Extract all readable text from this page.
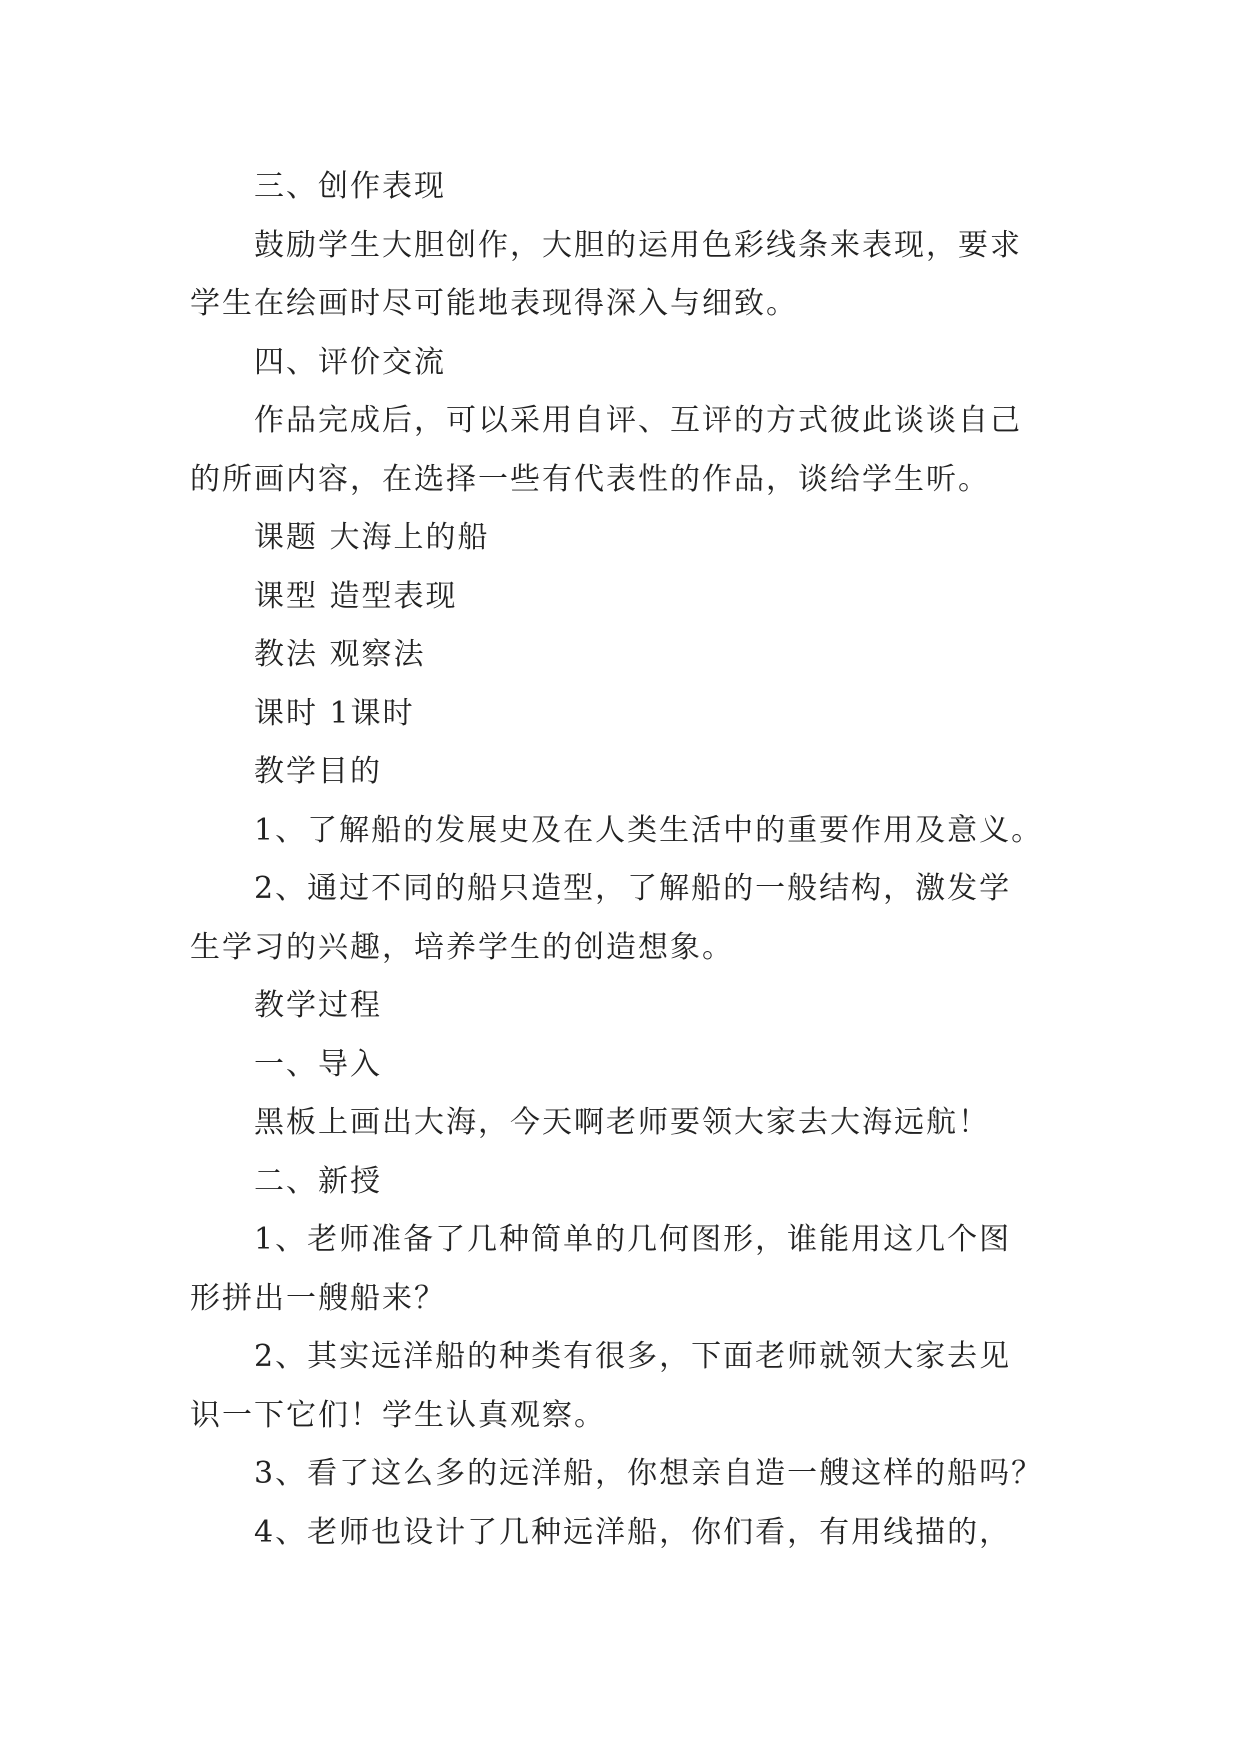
三、创作表现
鼓励学生大胆创作，大胆的运用色彩线条来表现，要求
学生在绘画时尽可能地表现得深入与细致。
四、评价交流
作品完成后，可以采用自评、互评的方式彼此谈谈自己
的所画内容，在选择一些有代表性的作品，谈给学生听。
课题 大海上的船
课型 造型表现
教法 观察法
课时 1课时
教学目的
1、了解船的发展史及在人类生活中的重要作用及意义。
2、通过不同的船只造型，了解船的一般结构，激发学
生学习的兴趣，培养学生的创造想象。
教学过程
一、导入
黑板上画出大海，今天啊老师要领大家去大海远航！
二、新授
1、老师准备了几种简单的几何图形，谁能用这几个图
形拼出一艘船来？
2、其实远洋船的种类有很多，下面老师就领大家去见
识一下它们！学生认真观察。
3、看了这么多的远洋船，你想亲自造一艘这样的船吗？
4、老师也设计了几种远洋船，你们看，有用线描的，
